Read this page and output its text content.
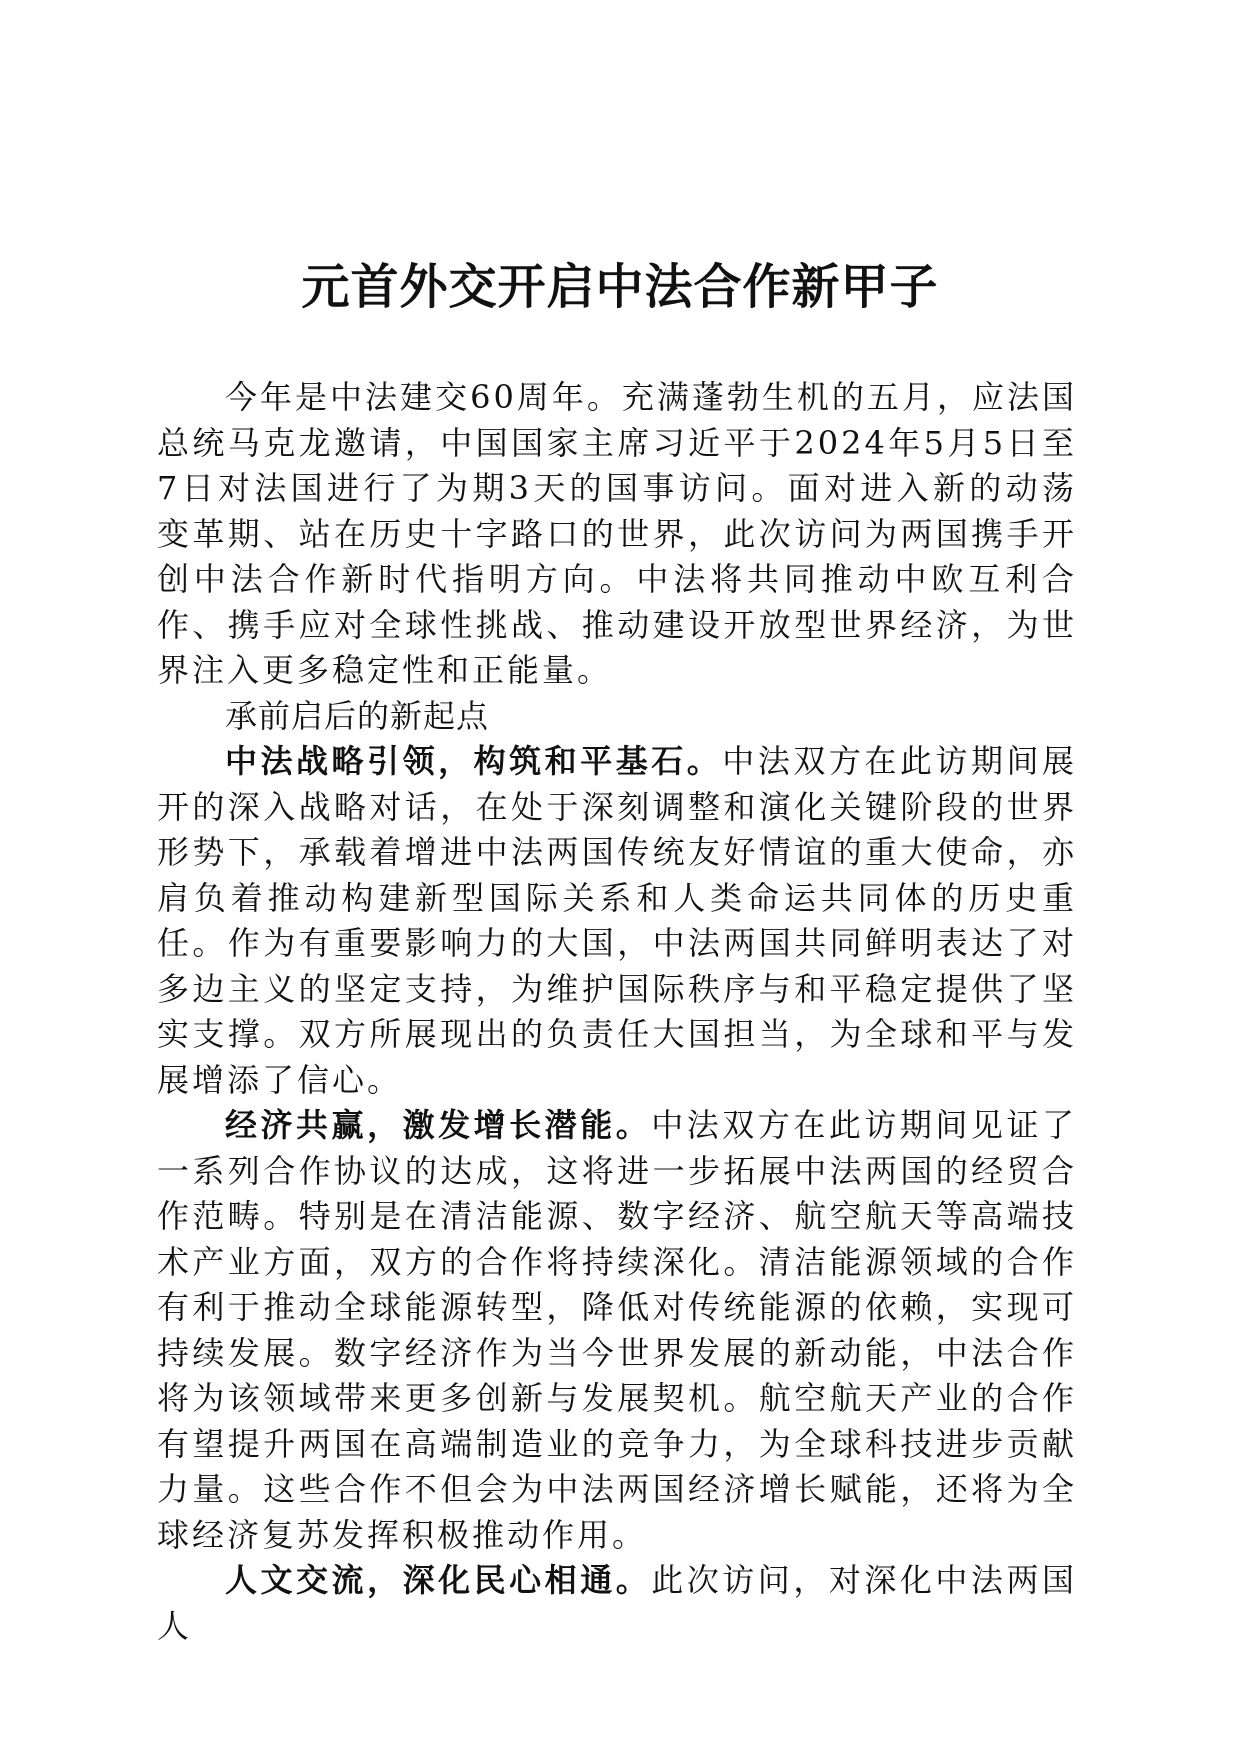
元首外交开启中法合作新甲子

今年是中法建交60周年。充满蓬勃生机的五月，应法国总统马克龙邀请，中国国家主席习近平于2024年5月5日至7日对法国进行了为期3天的国事访问。面对进入新的动荡变革期、站在历史十字路口的世界，此次访问为两国携手开创中法合作新时代指明方向。中法将共同推动中欧互利合作、携手应对全球性挑战、推动建设开放型世界经济，为世界注入更多稳定性和正能量。

承前启后的新起点

中法战略引领，构筑和平基石。中法双方在此访期间展开的深入战略对话，在处于深刻调整和演化关键阶段的世界形势下，承载着增进中法两国传统友好情谊的重大使命，亦肩负着推动构建新型国际关系和人类命运共同体的历史重任。作为有重要影响力的大国，中法两国共同鲜明表达了对多边主义的坚定支持，为维护国际秩序与和平稳定提供了坚实支撑。双方所展现出的负责任大国担当，为全球和平与发展增添了信心。

经济共赢，激发增长潜能。中法双方在此访期间见证了一系列合作协议的达成，这将进一步拓展中法两国的经贸合作范畴。特别是在清洁能源、数字经济、航空航天等高端技术产业方面，双方的合作将持续深化。清洁能源领域的合作有利于推动全球能源转型，降低对传统能源的依赖，实现可持续发展。数字经济作为当今世界发展的新动能，中法合作将为该领域带来更多创新与发展契机。航空航天产业的合作有望提升两国在高端制造业的竞争力，为全球科技进步贡献力量。这些合作不但会为中法两国经济增长赋能，还将为全球经济复苏发挥积极推动作用。

人文交流，深化民心相通。此次访问，对深化中法两国人
